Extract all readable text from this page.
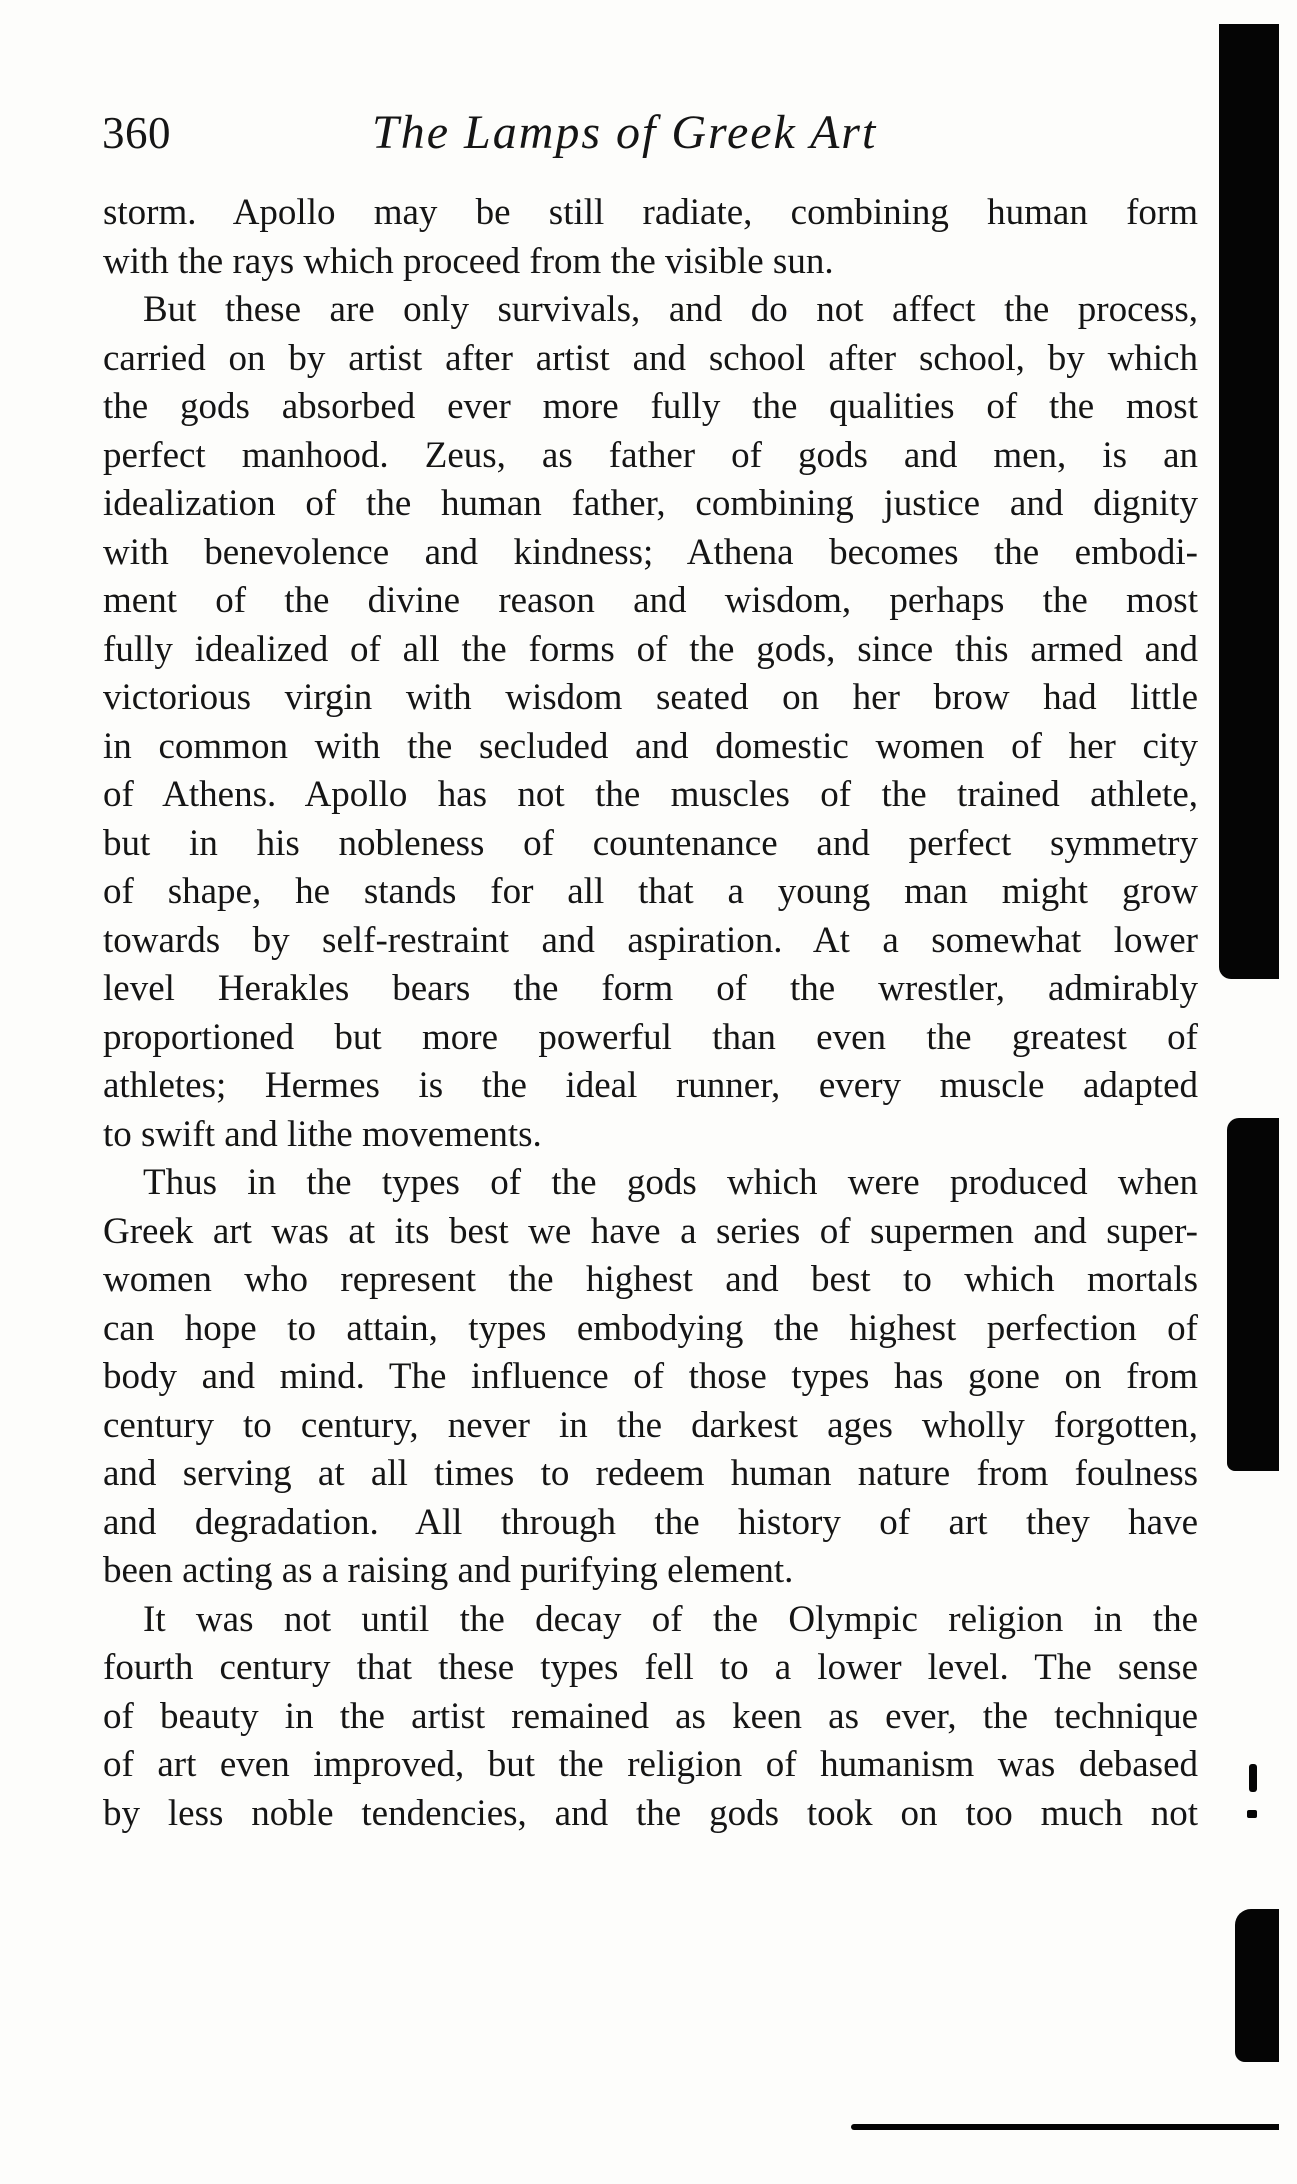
360	The Lamps of Greek Art
storm. Apollo may be still radiate, combining human form
with the rays which proceed from the visible sun.
But these are only survivals, and do not affect the process,
carried on by artist after artist and school after school, by which
the gods absorbed ever more fully the qualities of the most
perfect manhood. Zeus, as father of gods and men, is an
idealization of the human father, combining justice and dignity
with benevolence and kindness; Athena becomes the embodi-
ment of the divine reason and wisdom, perhaps the most
fully idealized of all the forms of the gods, since this armed and
victorious virgin with wisdom seated on her brow had little
in common with the secluded and domestic women of her city
of Athens. Apollo has not the muscles of the trained athlete,
but in his nobleness of countenance and perfect symmetry
of shape, he stands for all that a young man might grow
towards by self-restraint and aspiration. At a somewhat lower
level Herakles bears the form of the wrestler, admirably
proportioned but more powerful than even the greatest of
athletes; Hermes is the ideal runner, every muscle adapted
to swift and lithe movements.
Thus in the types of the gods which were produced when
Greek art was at its best we have a series of supermen and super-
women who represent the highest and best to which mortals
can hope to attain, types embodying the highest perfection of
body and mind. The influence of those types has gone on from
century to century, never in the darkest ages wholly forgotten,
and serving at all times to redeem human nature from foulness
and degradation. All through the history of art they have
been acting as a raising and purifying element.
It was not until the decay of the Olympic religion in the
fourth century that these types fell to a lower level. The sense
of beauty in the artist remained as keen as ever, the technique
of art even improved, but the religion of humanism was debased
by less noble tendencies, and the gods took on too much not
